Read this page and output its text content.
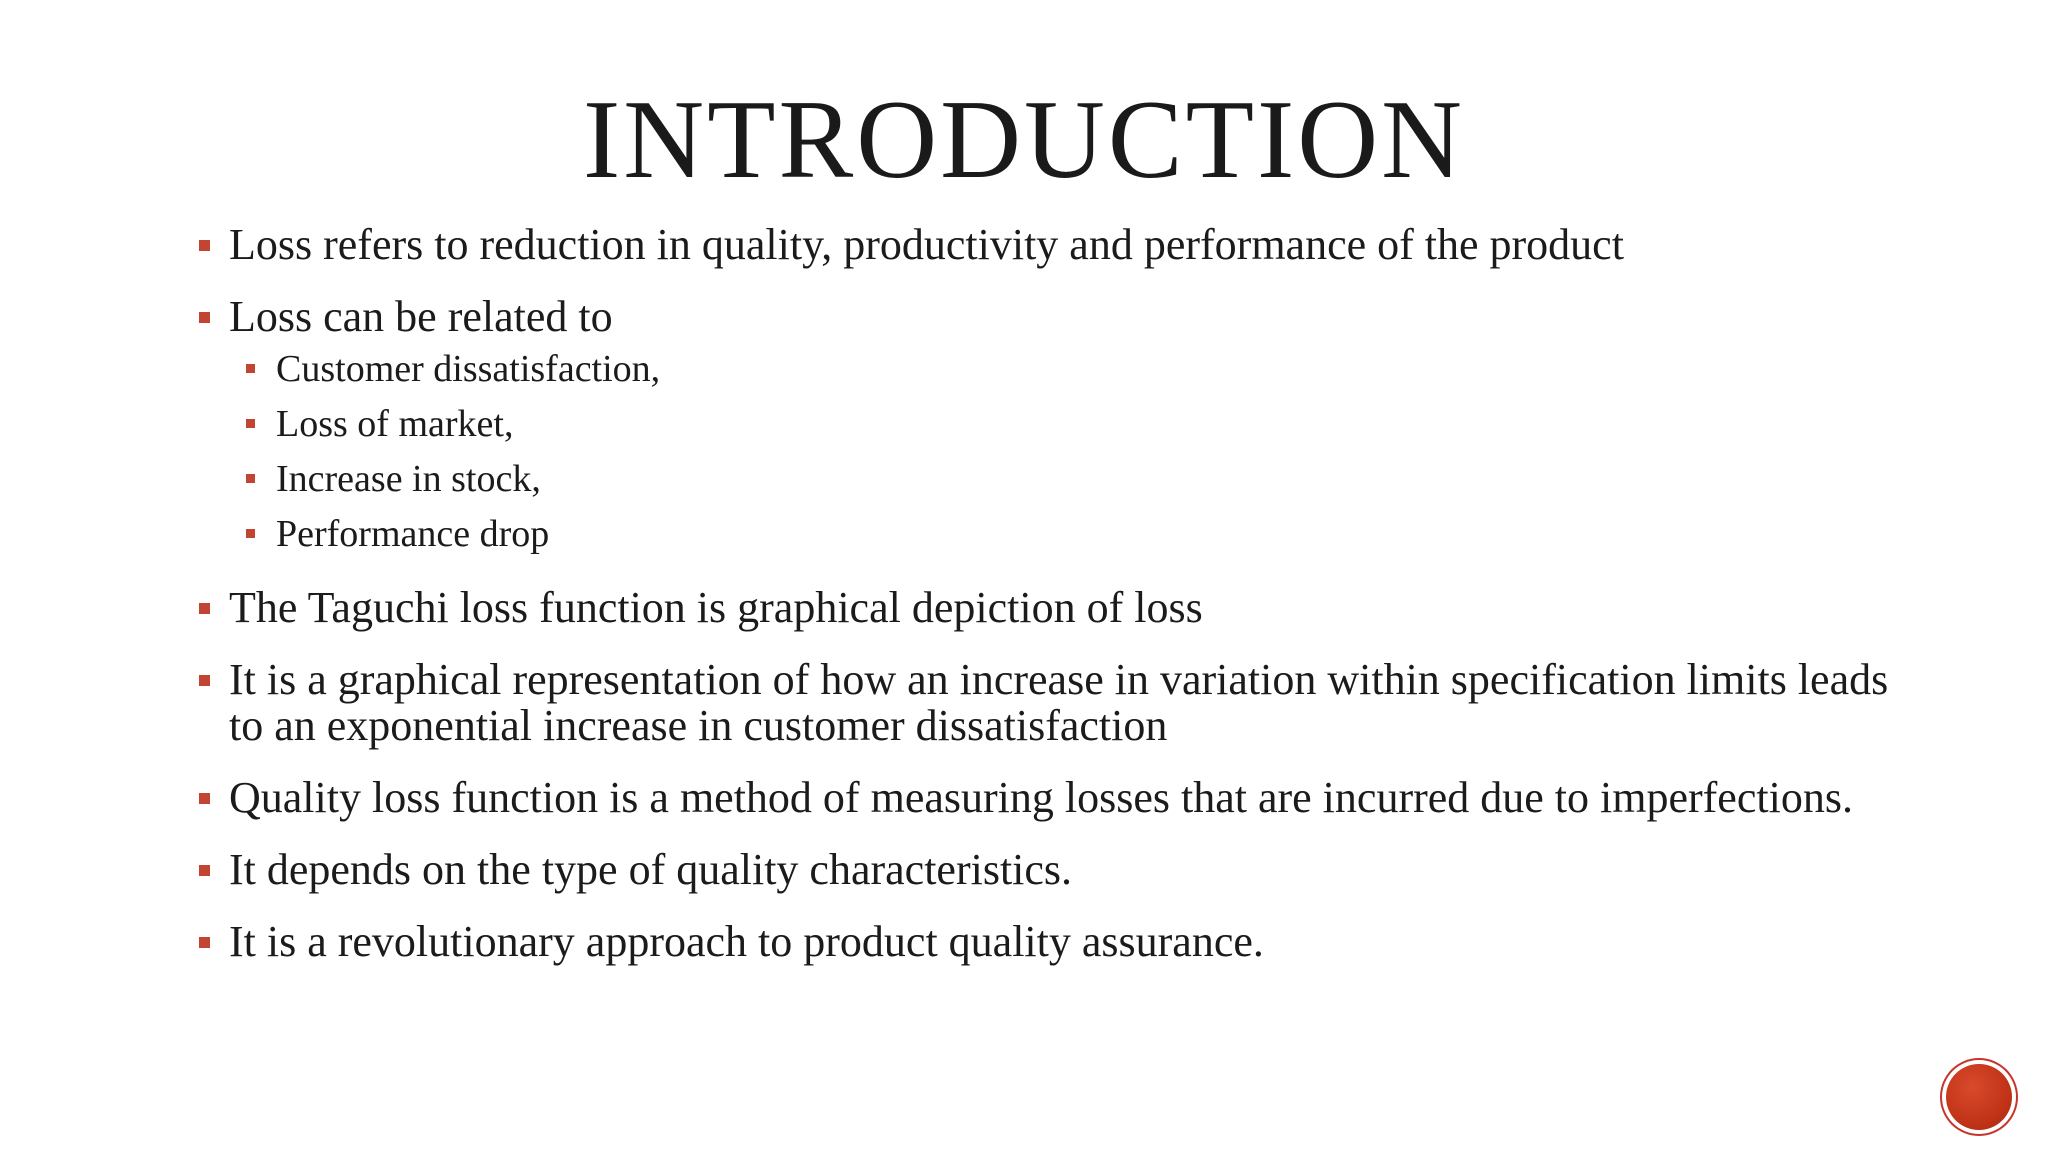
INTRODUCTION
Loss refers to reduction in quality, productivity and performance of the product
Loss can be related to
Customer dissatisfaction,
Loss of market,
Increase in stock,
Performance drop
The Taguchi loss function is graphical depiction of loss
It is a graphical representation of how an increase in variation within specification limits leads to an exponential increase in customer dissatisfaction
Quality loss function is a method of measuring losses that are incurred due to imperfections.
It depends on the type of quality characteristics.
It is a revolutionary approach to product quality assurance.
